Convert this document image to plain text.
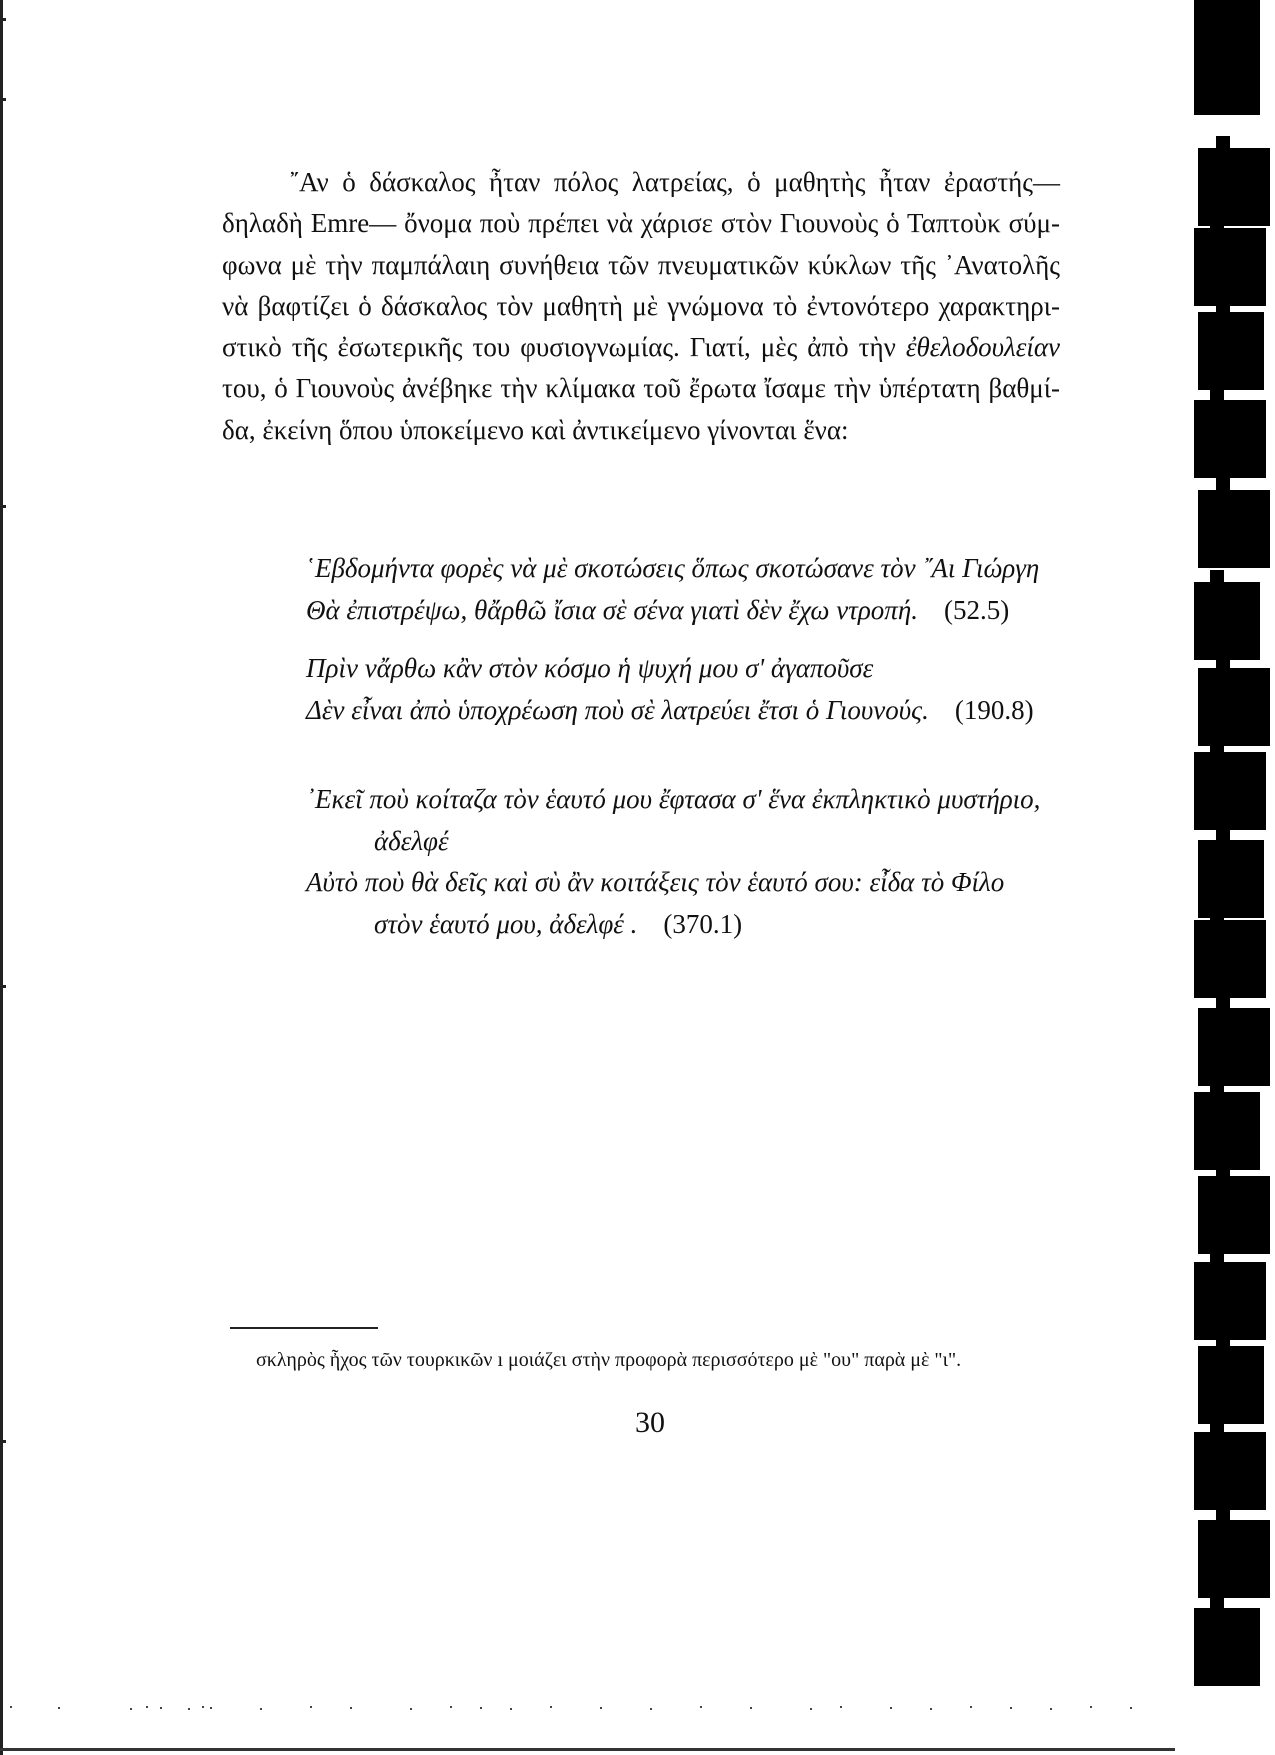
῎Αν ὁ δάσκαλος ἦταν πόλος λατρείας, ὁ μαθητὴς ἦταν ἐραστής—
δηλαδὴ Emre— ὄνομα ποὺ πρέπει νὰ χάρισε στὸν Γιουνοὺς ὁ Ταπτοὺκ σύμ-
φωνα μὲ τὴν παμπάλαιη συνήθεια τῶν πνευματικῶν κύκλων τῆς ᾿Ανατολῆς
νὰ βαφτίζει ὁ δάσκαλος τὸν μαθητὴ μὲ γνώμονα τὸ ἐντονότερο χαρακτηρι-
στικὸ τῆς ἐσωτερικῆς του φυσιογνωμίας. Γιατί, μὲς ἀπὸ τὴν ἐθελοδουλείαν
του, ὁ Γιουνοὺς ἀνέβηκε τὴν κλίμακα τοῦ ἔρωτα ἴσαμε τὴν ὑπέρτατη βαθμί-
δα, ἐκείνη ὅπου ὑποκείμενο καὶ ἀντικείμενο γίνονται ἕνα:
῾Εβδομήντα φορὲς νὰ μὲ σκοτώσεις ὅπως σκοτώσανε τὸν ῎Αι Γιώργη
Θὰ ἐπιστρέψω, θἄρθῶ ἴσια σὲ σένα γιατὶ δὲν ἔχω ντροπή. (52.5)
Πρὶν νἄρθω κἂν στὸν κόσμο ἡ ψυχή μου σ' ἀγαποῦσε
Δὲν εἶναι ἀπὸ ὑποχρέωση ποὺ σὲ λατρεύει ἔτσι ὁ Γιουνούς. (190.8)
᾿Εκεῖ ποὺ κοίταζα τὸν ἑαυτό μου ἔφτασα σ' ἕνα ἐκπληκτικὸ μυστήριο,
ἀδελφέ
Αὐτὸ ποὺ θὰ δεῖς καὶ σὺ ἂν κοιτάξεις τὸν ἑαυτό σου: εἶδα τὸ Φίλο
στὸν ἑαυτό μου, ἀδελφέ . (370.1)
σκληρὸς ἦχος τῶν τουρκικῶν ı μοιάζει στὴν προφορὰ περισσότερο μὲ "ου" παρὰ μὲ "ι".
30
